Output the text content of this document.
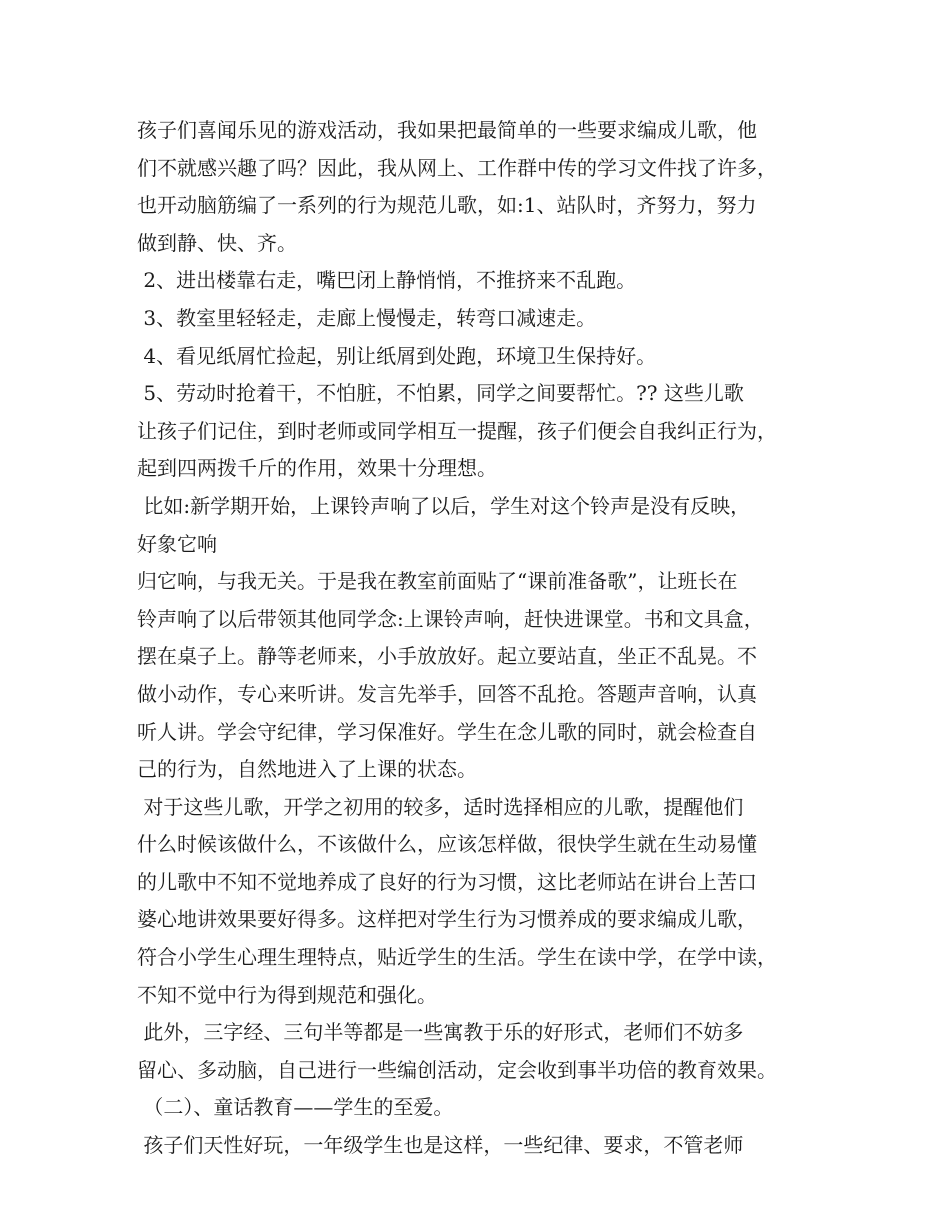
孩子们喜闻乐见的游戏活动，我如果把最简单的一些要求编成儿歌，他
们不就感兴趣了吗？因此，我从网上、工作群中传的学习文件找了许多，
也开动脑筋编了一系列的行为规范儿歌，如:1、站队时，齐努力，努力
做到静、快、齐。
2、进出楼靠右走，嘴巴闭上静悄悄，不推挤来不乱跑。
3、教室里轻轻走，走廊上慢慢走，转弯口减速走。
4、看见纸屑忙捡起，别让纸屑到处跑，环境卫生保持好。
5、劳动时抢着干，不怕脏，不怕累，同学之间要帮忙。?? 这些儿歌
让孩子们记住，到时老师或同学相互一提醒，孩子们便会自我纠正行为，
起到四两拨千斤的作用，效果十分理想。
比如:新学期开始，上课铃声响了以后，学生对这个铃声是没有反映，
好象它响
归它响，与我无关。于是我在教室前面贴了“课前准备歌”，让班长在
铃声响了以后带领其他同学念:上课铃声响，赶快进课堂。书和文具盒，
摆在桌子上。静等老师来，小手放放好。起立要站直，坐正不乱晃。不
做小动作，专心来听讲。发言先举手，回答不乱抢。答题声音响，认真
听人讲。学会守纪律，学习保准好。学生在念儿歌的同时，就会检查自
己的行为，自然地进入了上课的状态。
对于这些儿歌，开学之初用的较多，适时选择相应的儿歌，提醒他们
什么时候该做什么，不该做什么，应该怎样做，很快学生就在生动易懂
的儿歌中不知不觉地养成了良好的行为习惯，这比老师站在讲台上苦口
婆心地讲效果要好得多。这样把对学生行为习惯养成的要求编成儿歌，
符合小学生心理生理特点，贴近学生的生活。学生在读中学，在学中读，
不知不觉中行为得到规范和强化。
此外，三字经、三句半等都是一些寓教于乐的好形式，老师们不妨多
留心、多动脑，自己进行一些编创活动，定会收到事半功倍的教育效果。
（二）、童话教育——学生的至爱。
孩子们天性好玩，一年级学生也是这样，一些纪律、要求，不管老师
